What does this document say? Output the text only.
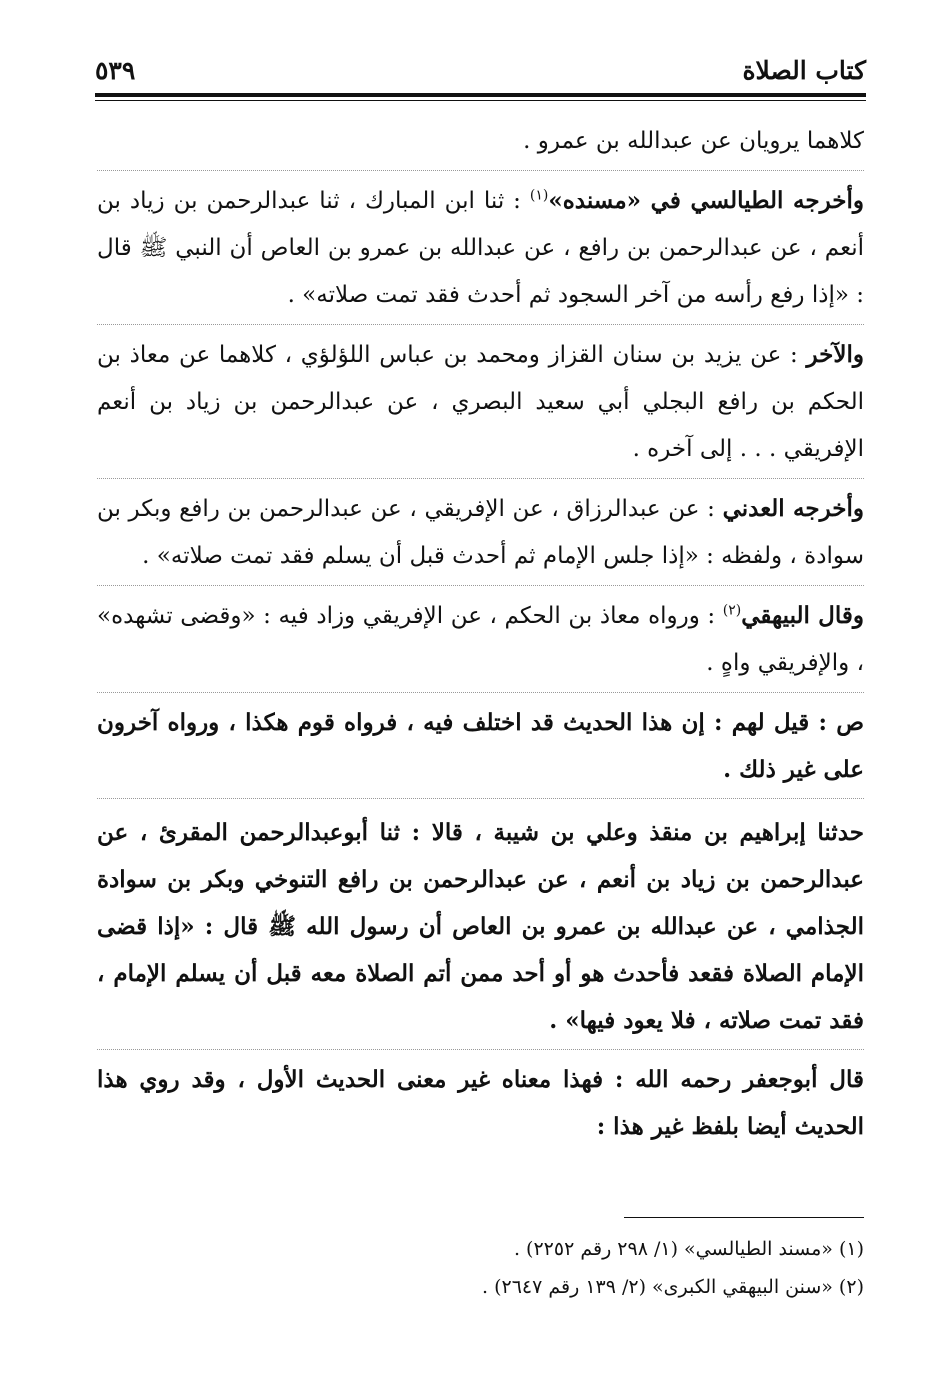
كتاب الصلاة
٥٣٩

كلاهما يرويان عن عبدالله بن عمرو .

وأخرجه الطيالسي في «مسنده»$^{(١)}$ : ثنا ابن المبارك ، ثنا عبدالرحمن بن زياد بن أنعم ، عن عبدالرحمن بن رافع ، عن عبدالله بن عمرو بن العاص أن النبي ﷺ قال : «إذا رفع رأسه من آخر السجود ثم أحدث فقد تمت صلاته» .

والآخر : عن يزيد بن سنان القزاز ومحمد بن عباس اللؤلؤي ، كلاهما عن معاذ بن الحكم بن رافع البجلي أبي سعيد البصري ، عن عبدالرحمن بن زياد بن أنعم الإفريقي . . . إلى آخره .

وأخرجه العدني : عن عبدالرزاق ، عن الإفريقي ، عن عبدالرحمن بن رافع وبكر بن سوادة ، ولفظه : «إذا جلس الإمام ثم أحدث قبل أن يسلم فقد تمت صلاته» .

وقال البيهقي$^{(٢)}$ : ورواه معاذ بن الحكم ، عن الإفريقي وزاد فيه : «وقضى تشهده» ، والإفريقي واهٍ .

ص : قيل لهم : إن هذا الحديث قد اختلف فيه ، فرواه قوم هكذا ، ورواه آخرون على غير ذلك .

حدثنا إبراهيم بن منقذ وعلي بن شيبة ، قالا : ثنا أبوعبدالرحمن المقرئ ، عن عبدالرحمن بن زياد بن أنعم ، عن عبدالرحمن بن رافع التنوخي وبكر بن سوادة الجذامي ، عن عبدالله بن عمرو بن العاص أن رسول الله ﷺ قال : «إذا قضى الإمام الصلاة فقعد فأحدث هو أو أحد ممن أتم الصلاة معه قبل أن يسلم الإمام ، فقد تمت صلاته ، فلا يعود فيها» .

قال أبوجعفر رحمه الله : فهذا معناه غير معنى الحديث الأول ، وقد روي هذا الحديث أيضا بلفظ غير هذا :

(١) «مسند الطيالسي» (١/ ٢٩٨ رقم ٢٢٥٢) .

(٢) «سنن البيهقي الكبرى» (٢/ ١٣٩ رقم ٢٦٤٧) .
